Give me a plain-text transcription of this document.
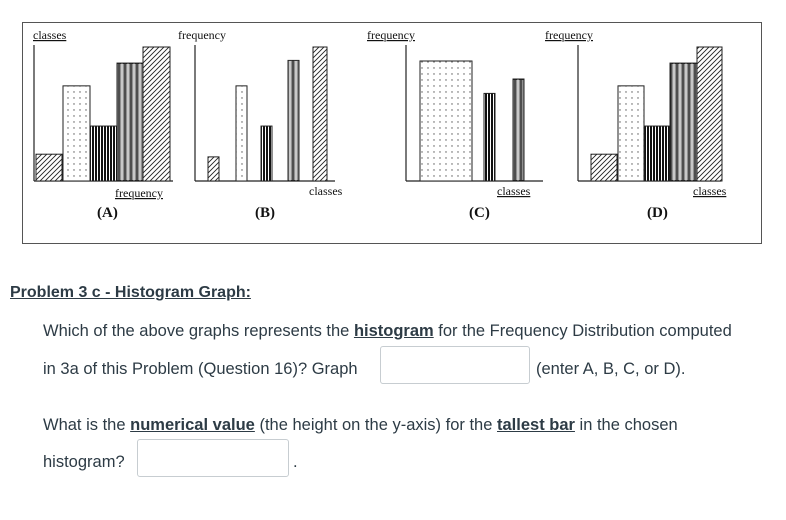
classes
frequency
(A)
frequency
classes
(B)
frequency
classes
(C)
frequency
classes
(D)

Problem 3 c - Histogram Graph:

Which of the above graphs represents the histogram for the Frequency Distribution computed
in 3a of this Problem (Question 16)? Graph	(enter A, B, C, or D).
What is the numerical value (the height on the y-axis) for the tallest bar in the chosen
histogram?	.
